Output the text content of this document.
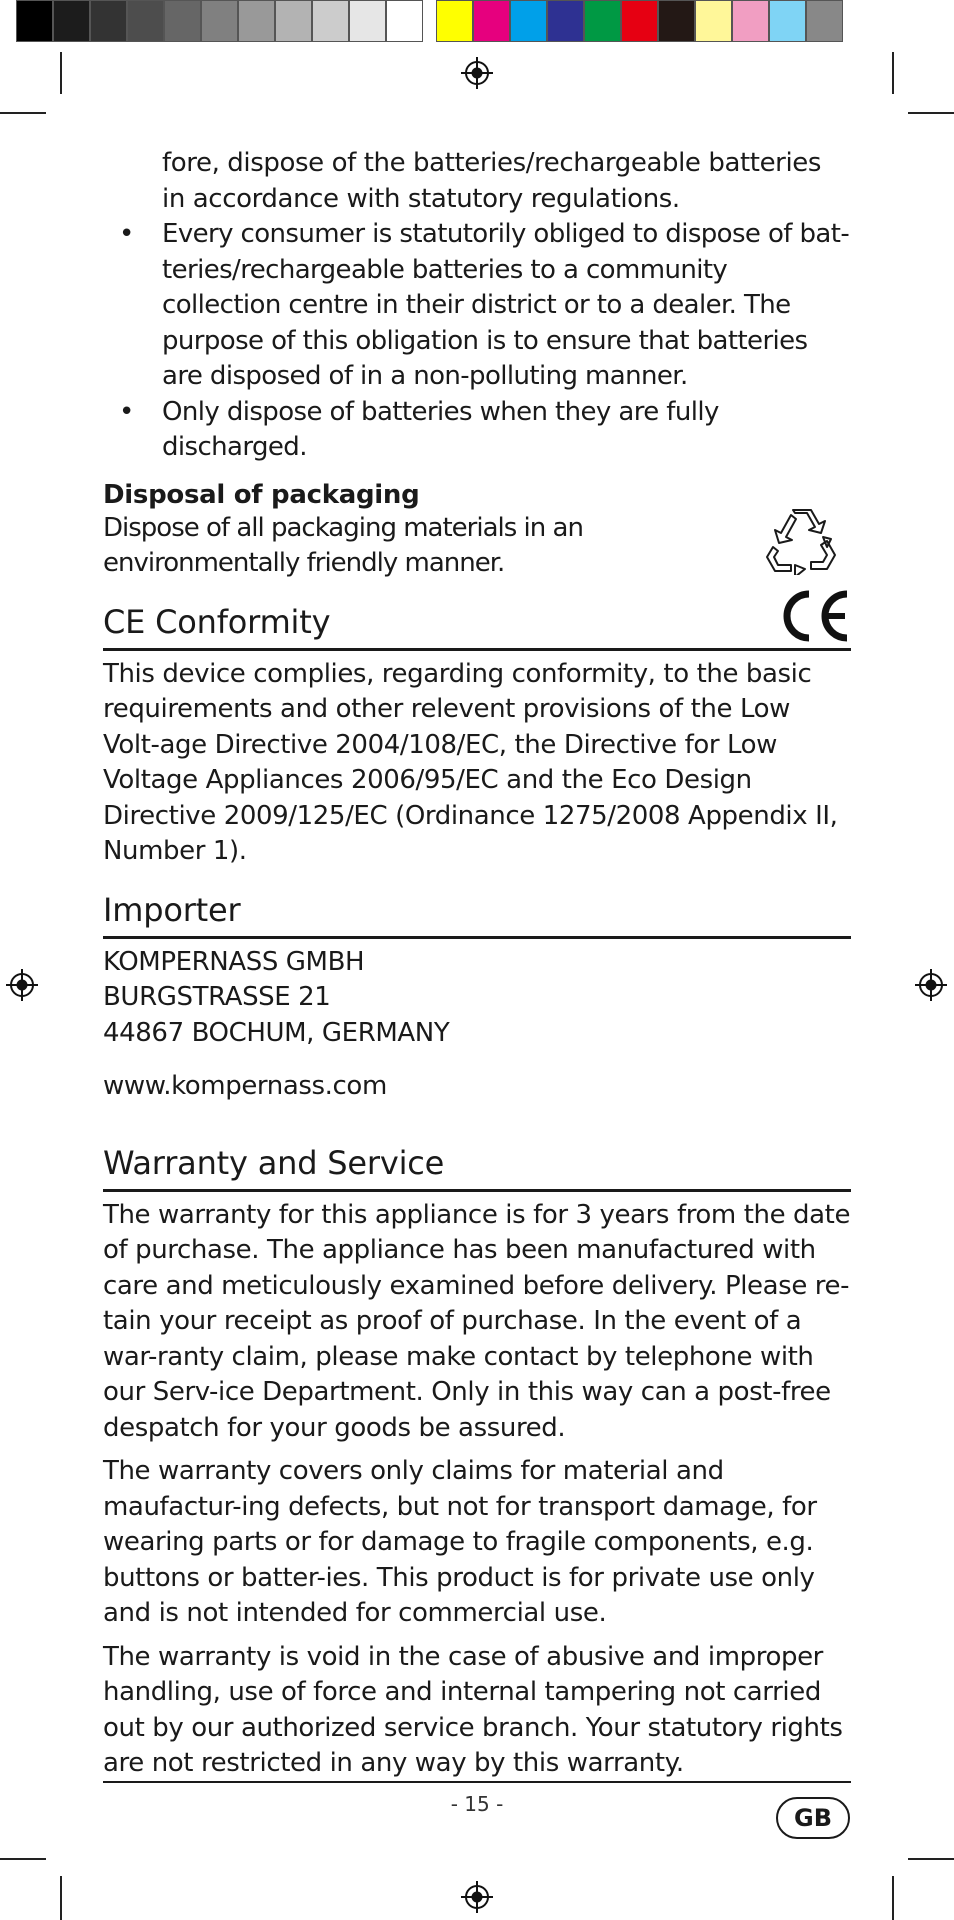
fore, dispose of the batteries/rechargeable batteries in accordance with statutory regulations.
• Every consumer is statutorily obliged to dispose of bat-teries/rechargeable batteries to a community collection centre in their district or to a dealer. The purpose of this obligation is to ensure that batteries are disposed of in a non-polluting manner.
• Only dispose of batteries when they are fully discharged.
Disposal of packaging
Dispose of all packaging materials in an environmentally friendly manner.
CE Conformity
This device complies, regarding conformity, to the basic requirements and other relevent provisions of the Low Volt-age Directive 2004/108/EC, the Directive for Low Voltage Appliances 2006/95/EC and the Eco Design Directive 2009/125/EC (Ordinance 1275/2008 Appendix II, Number 1).
Importer
KOMPERNASS GMBH
BURGSTRASSE 21
44867 BOCHUM, GERMANY
www.kompernass.com
Warranty and Service
The warranty for this appliance is for 3 years from the date of purchase. The appliance has been manufactured with care and meticulously examined before delivery. Please re-tain your receipt as proof of purchase. In the event of a war-ranty claim, please make contact by telephone with our Serv-ice Department. Only in this way can a post-free despatch for your goods be assured.
The warranty covers only claims for material and maufactur-ing defects, but not for transport damage, for wearing parts or for damage to fragile components, e.g. buttons or batter-ies. This product is for private use only and is not intended for commercial use.
The warranty is void in the case of abusive and improper handling, use of force and internal tampering not carried out by our authorized service branch. Your statutory rights are not restricted in any way by this warranty.
- 15 -	GB
